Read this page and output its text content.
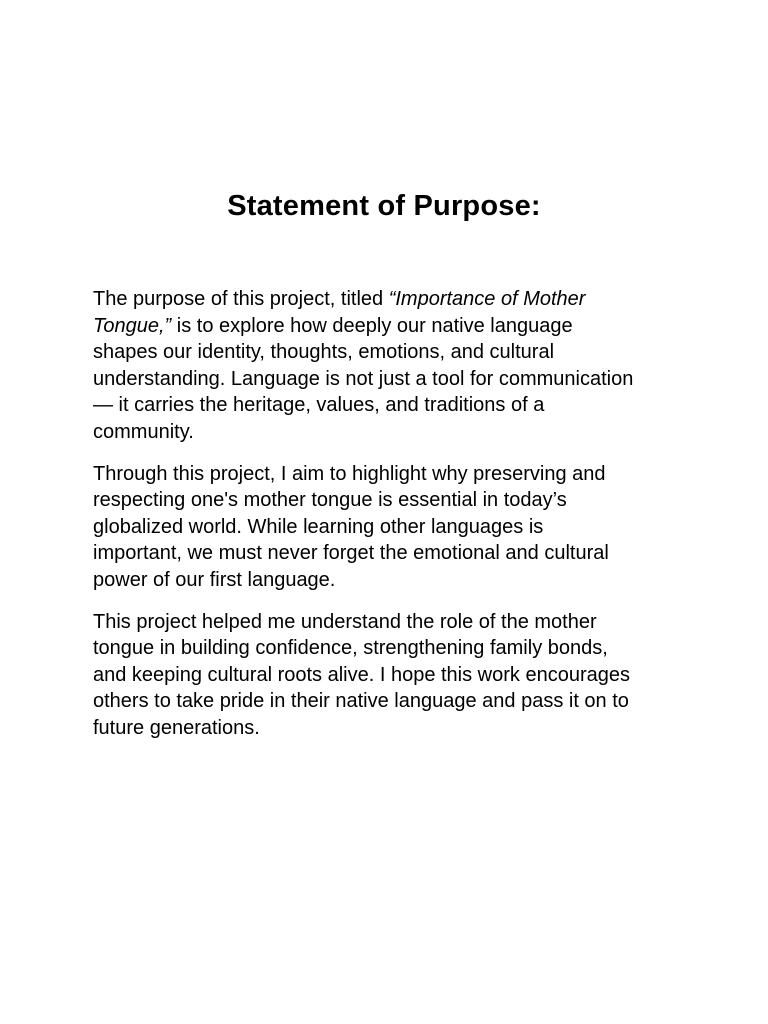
Statement of Purpose:

The purpose of this project, titled “Importance of Mother
Tongue,” is to explore how deeply our native language
shapes our identity, thoughts, emotions, and cultural
understanding. Language is not just a tool for communication
— it carries the heritage, values, and traditions of a
community.

Through this project, I aim to highlight why preserving and
respecting one's mother tongue is essential in today’s
globalized world. While learning other languages is
important, we must never forget the emotional and cultural
power of our first language.

This project helped me understand the role of the mother
tongue in building confidence, strengthening family bonds,
and keeping cultural roots alive. I hope this work encourages
others to take pride in their native language and pass it on to
future generations.
